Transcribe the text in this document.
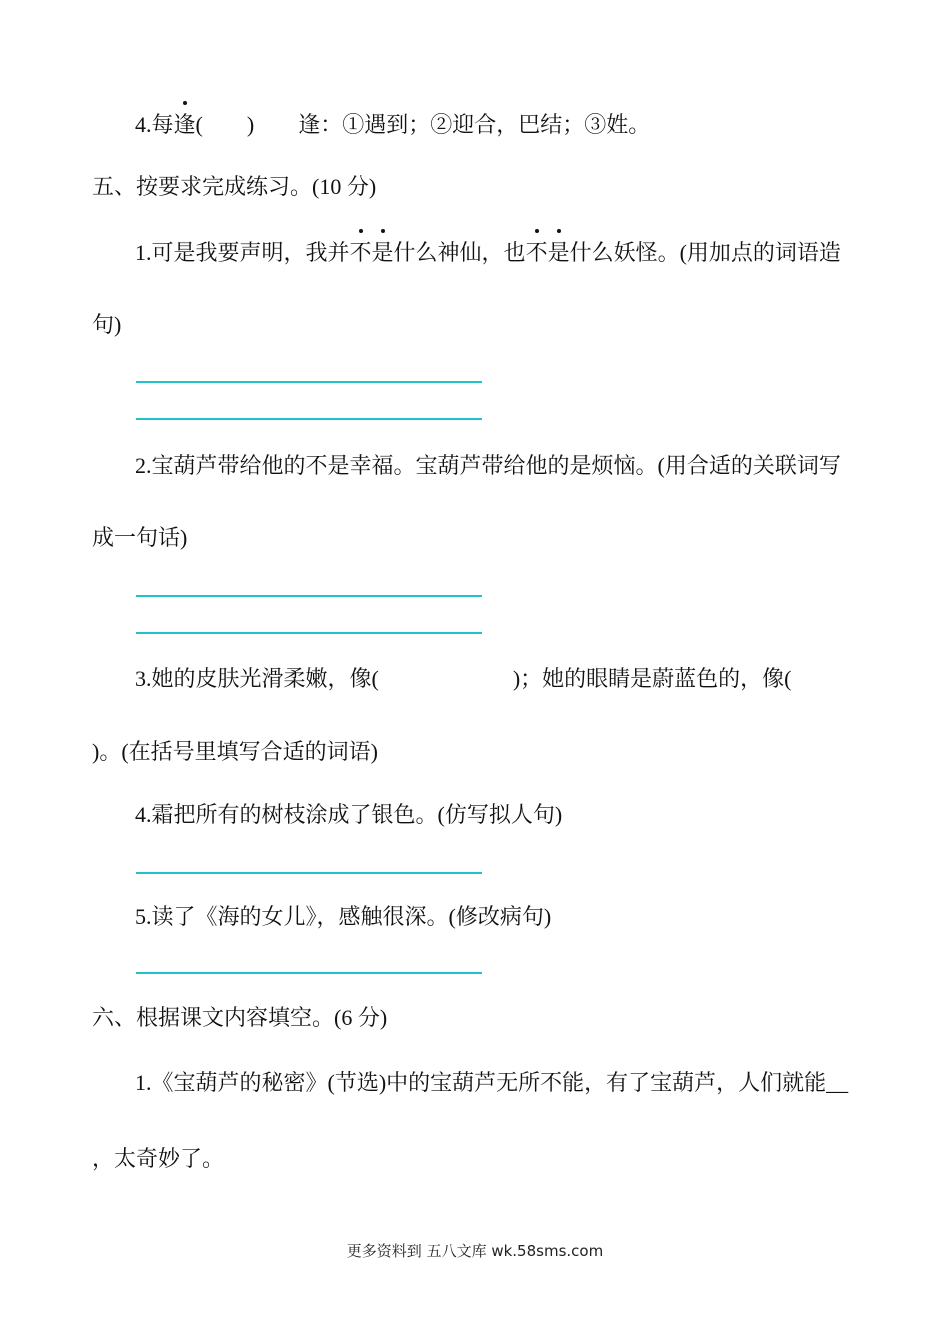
4.每逢
(　　) 逢：①遇到；②迎合，巴结；③姓。
五、按要求完成练习。(10 分)
1.可是我要声明，我并不
是
什么神仙，也不
是
什么妖怪。(用加点的词语造
句)
2.宝葫芦带给他的不是幸福。宝葫芦带给他的是烦恼。(用合适的关联词写
成一句话)
3.她的皮肤光滑柔嫩，像(	)；她的眼睛是蔚蓝色的，像(
)。(在括号里填写合适的词语)
4.霜把所有的树枝涂成了银色。(仿写拟人句)
5.读了《海的女儿》，感触很深。(修改病句)
六、根据课文内容填空。(6 分)
1.《宝葫芦的秘密》(节选)中的宝葫芦无所不能，有了宝葫芦，人们就能__
，太奇妙了。
更多资料到 五八文库 wk.58sms.com
